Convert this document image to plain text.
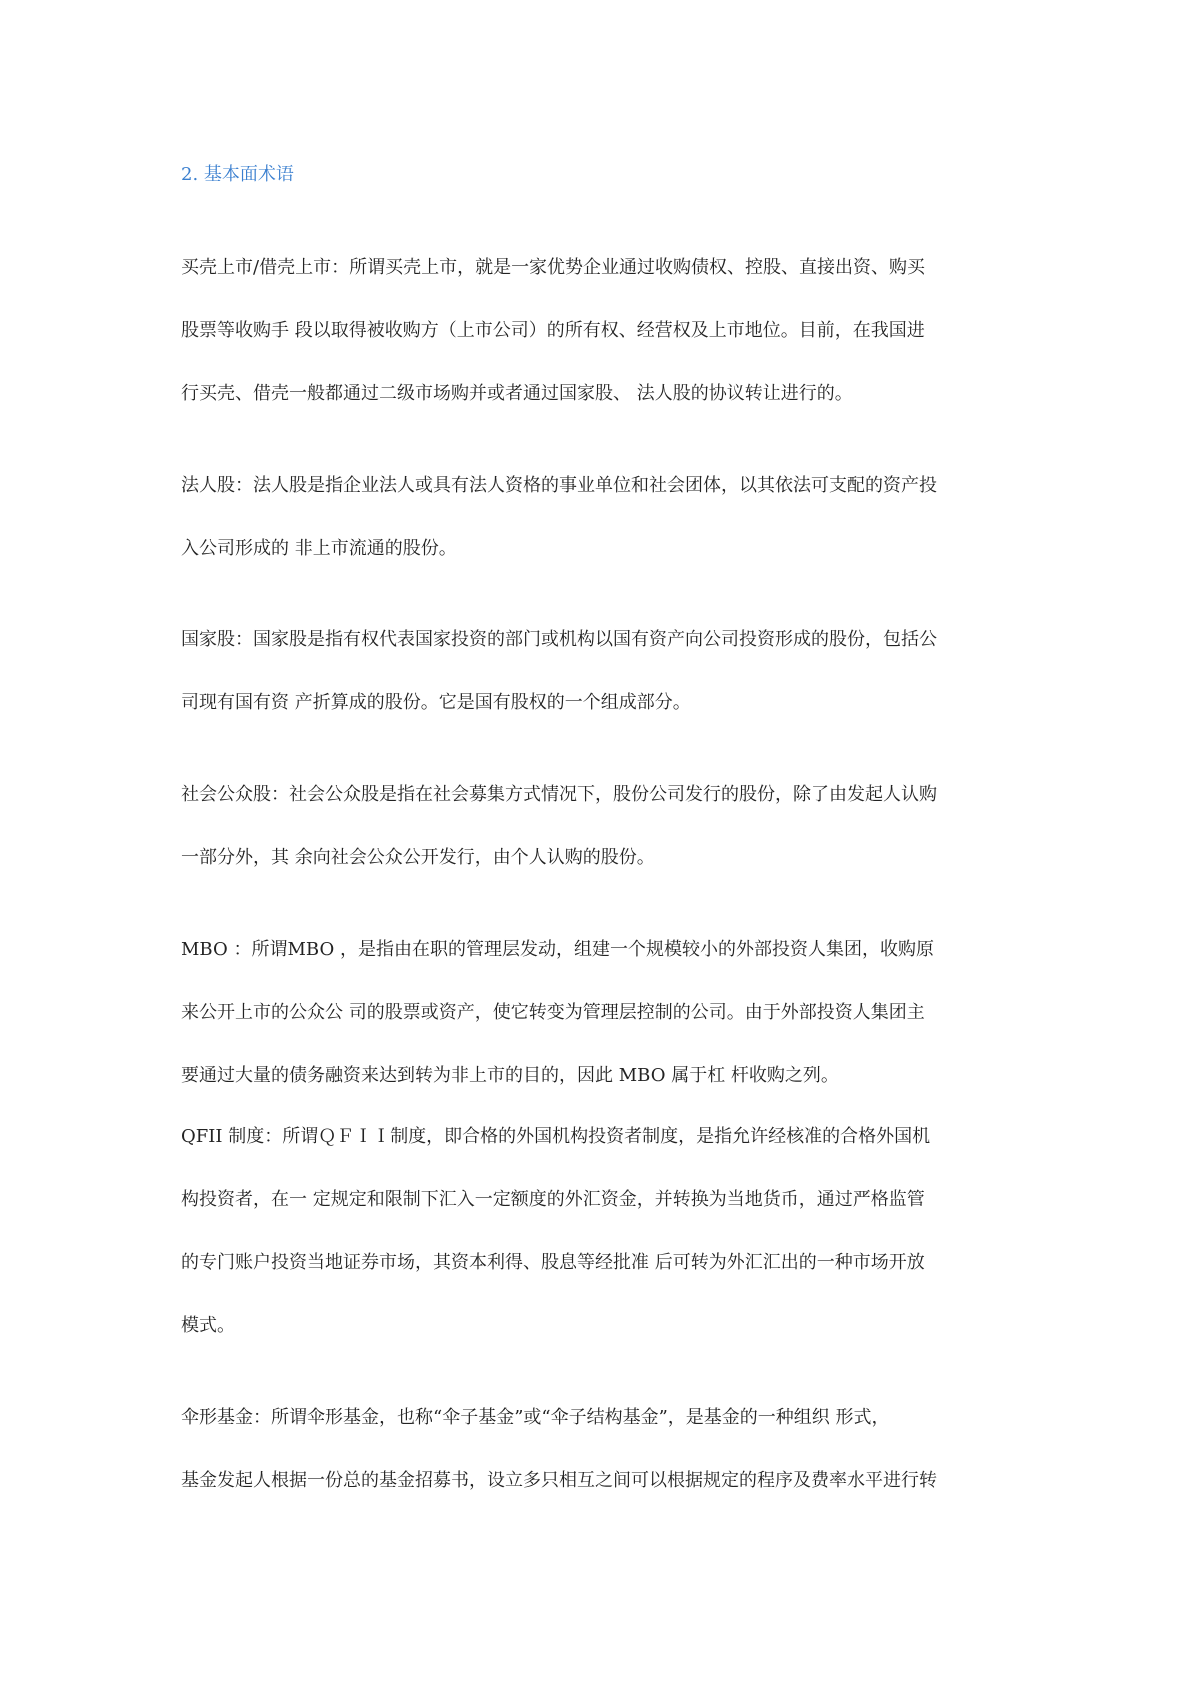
2. 基本面术语
买壳上市/借壳上市：所谓买壳上市，就是一家优势企业通过收购债权、控股、直接出资、购买
股票等收购手 段以取得被收购方（上市公司）的所有权、经营权及上市地位。目前，在我国进
行买壳、借壳一般都通过二级市场购并或者通过国家股、 法人股的协议转让进行的。
法人股：法人股是指企业法人或具有法人资格的事业单位和社会团体，以其依法可支配的资产投
入公司形成的 非上市流通的股份。
国家股：国家股是指有权代表国家投资的部门或机构以国有资产向公司投资形成的股份，包括公
司现有国有资 产折算成的股份。它是国有股权的一个组成部分。
社会公众股：社会公众股是指在社会募集方式情况下，股份公司发行的股份，除了由发起人认购
一部分外，其 余向社会公众公开发行，由个人认购的股份。
MBO ：所谓MBO ，是指由在职的管理层发动，组建一个规模较小的外部投资人集团，收购原
来公开上市的公众公 司的股票或资产，使它转变为管理层控制的公司。由于外部投资人集团主
要通过大量的债务融资来达到转为非上市的目的，因此 MBO 属于杠 杆收购之列。
QFII 制度：所谓ＱＦＩＩ制度，即合格的外国机构投资者制度，是指允许经核准的合格外国机
构投资者，在一 定规定和限制下汇入一定额度的外汇资金，并转换为当地货币，通过严格监管
的专门账户投资当地证券市场，其资本利得、股息等经批准 后可转为外汇汇出的一种市场开放
模式。
伞形基金：所谓伞形基金，也称“伞子基金”或“伞子结构基金”，是基金的一种组织 形式，
基金发起人根据一份总的基金招募书，设立多只相互之间可以根据规定的程序及费率水平进行转
